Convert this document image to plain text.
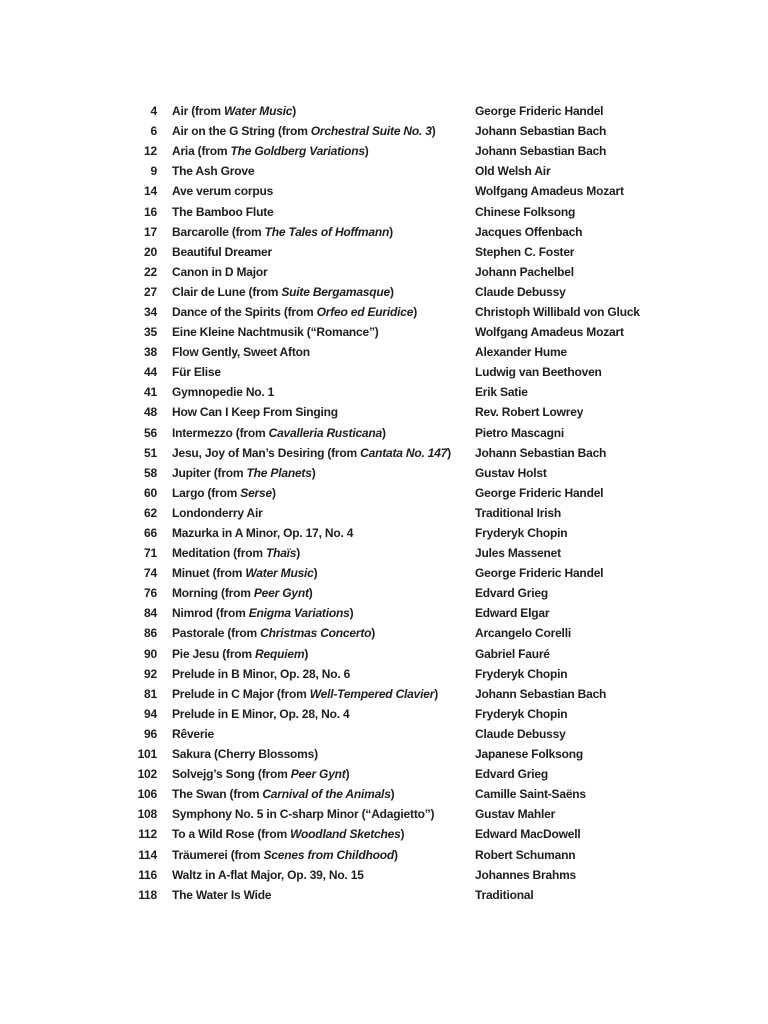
4	Air (from Water Music)	George Frideric Handel
6	Air on the G String (from Orchestral Suite No. 3)	Johann Sebastian Bach
12	Aria (from The Goldberg Variations)	Johann Sebastian Bach
9	The Ash Grove	Old Welsh Air
14	Ave verum corpus	Wolfgang Amadeus Mozart
16	The Bamboo Flute	Chinese Folksong
17	Barcarolle (from The Tales of Hoffmann)	Jacques Offenbach
20	Beautiful Dreamer	Stephen C. Foster
22	Canon in D Major	Johann Pachelbel
27	Clair de Lune (from Suite Bergamasque)	Claude Debussy
34	Dance of the Spirits (from Orfeo ed Euridice)	Christoph Willibald von Gluck
35	Eine Kleine Nachtmusik (“Romance”)	Wolfgang Amadeus Mozart
38	Flow Gently, Sweet Afton	Alexander Hume
44	Für Elise	Ludwig van Beethoven
41	Gymnopedie No. 1	Erik Satie
48	How Can I Keep From Singing	Rev. Robert Lowrey
56	Intermezzo (from Cavalleria Rusticana)	Pietro Mascagni
51	Jesu, Joy of Man’s Desiring (from Cantata No. 147)	Johann Sebastian Bach
58	Jupiter (from The Planets)	Gustav Holst
60	Largo (from Serse)	George Frideric Handel
62	Londonderry Air	Traditional Irish
66	Mazurka in A Minor, Op. 17, No. 4	Fryderyk Chopin
71	Meditation (from Thaïs)	Jules Massenet
74	Minuet (from Water Music)	George Frideric Handel
76	Morning (from Peer Gynt)	Edvard Grieg
84	Nimrod (from Enigma Variations)	Edward Elgar
86	Pastorale (from Christmas Concerto)	Arcangelo Corelli
90	Pie Jesu (from Requiem)	Gabriel Fauré
92	Prelude in B Minor, Op. 28, No. 6	Fryderyk Chopin
81	Prelude in C Major (from Well-Tempered Clavier)	Johann Sebastian Bach
94	Prelude in E Minor, Op. 28, No. 4	Fryderyk Chopin
96	Rêverie	Claude Debussy
101	Sakura (Cherry Blossoms)	Japanese Folksong
102	Solvejg’s Song (from Peer Gynt)	Edvard Grieg
106	The Swan (from Carnival of the Animals)	Camille Saint-Saëns
108	Symphony No. 5 in C-sharp Minor (“Adagietto”)	Gustav Mahler
112	To a Wild Rose (from Woodland Sketches)	Edward MacDowell
114	Träumerei (from Scenes from Childhood)	Robert Schumann
116	Waltz in A-flat Major, Op. 39, No. 15	Johannes Brahms
118	The Water Is Wide	Traditional
